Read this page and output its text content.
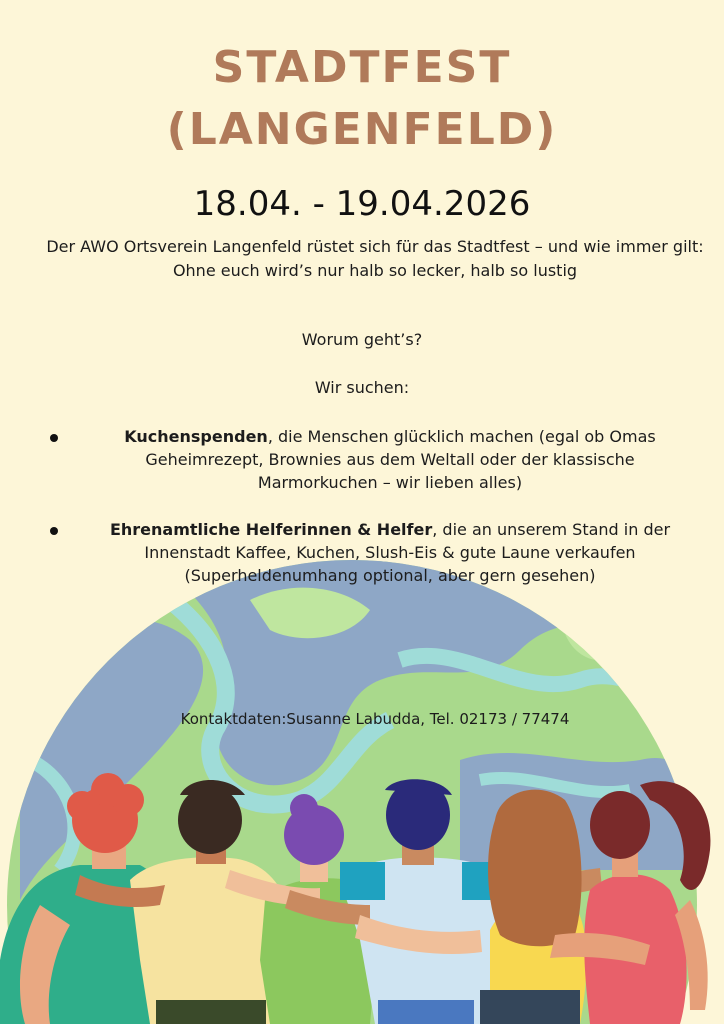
STADTFEST
(LANGENFELD)
18.04. - 19.04.2026
Der AWO Ortsverein Langenfeld rüstet sich für das Stadtfest – und wie immer gilt: Ohne euch wird’s nur halb so lecker, halb so lustig
Worum geht’s?
Wir suchen:
Kuchenspenden, die Menschen glücklich machen (egal ob Omas Geheimrezept, Brownies aus dem Weltall oder der klassische Marmorkuchen – wir lieben alles)
Ehrenamtliche Helferinnen & Helfer, die an unserem Stand in der Innenstadt Kaffee, Kuchen, Slush-Eis & gute Laune verkaufen (Superheldenumhang optional, aber gern gesehen)
Kontaktdaten:Susanne Labudda, Tel. 02173 / 77474
